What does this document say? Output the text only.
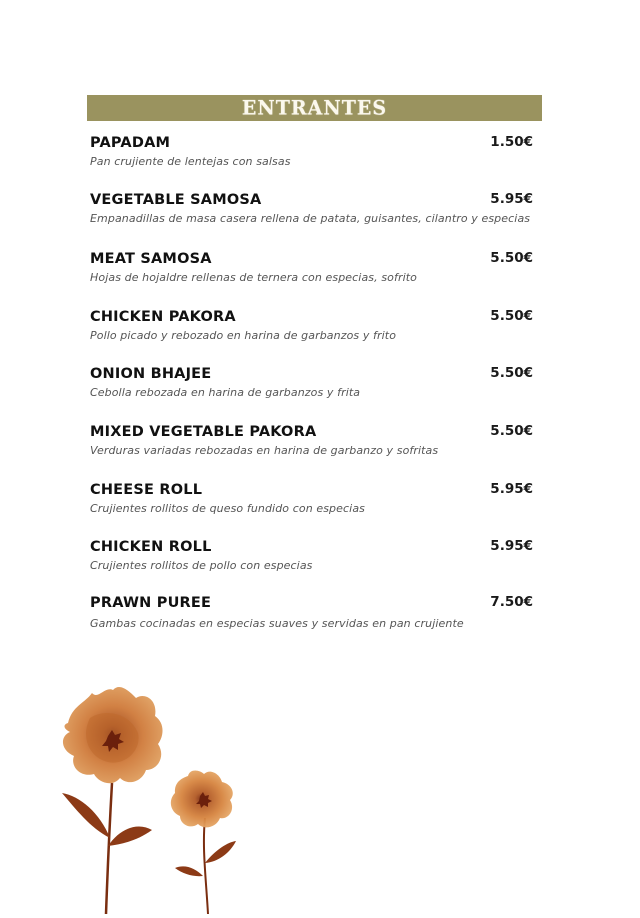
ENTRANTES
PAPADAM	1.50€
Pan crujiente de lentejas con salsas
VEGETABLE SAMOSA	5.95€
Empanadillas de masa casera rellena de patata, guisantes, cilantro y especias
MEAT SAMOSA	5.50€
Hojas de hojaldre rellenas de ternera con especias, sofrito
CHICKEN PAKORA	5.50€
Pollo picado y rebozado en harina de garbanzos y frito
ONION BHAJEE	5.50€
Cebolla rebozada en harina de garbanzos y frita
MIXED VEGETABLE PAKORA	5.50€
Verduras variadas rebozadas en harina de garbanzo y sofritas
CHEESE ROLL	5.95€
Crujientes rollitos de queso fundido con especias
CHICKEN ROLL	5.95€
Crujientes rollitos de pollo con especias
PRAWN PUREE	7.50€
Gambas cocinadas en especias suaves y servidas en pan crujiente
